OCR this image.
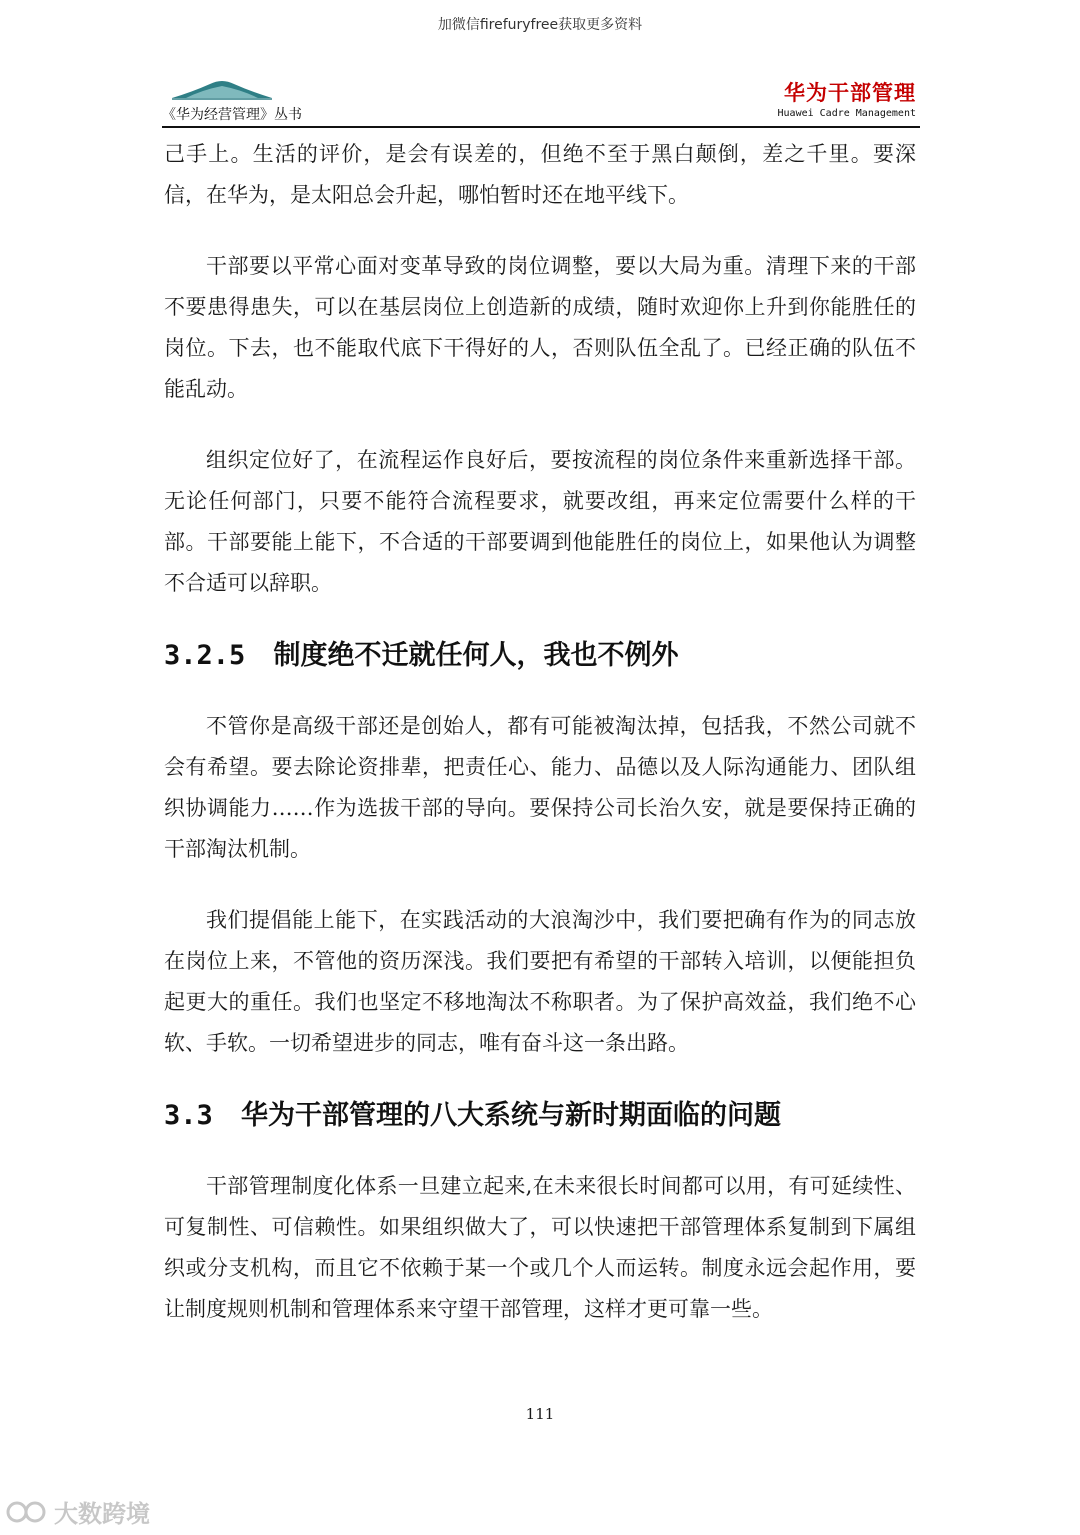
加微信firefuryfree获取更多资料
《华为经营管理》丛书
华为干部管理
Huawei Cadre Management

己手上。生活的评价，是会有误差的，但绝不至于黑白颠倒，差之千里。要深信，在华为，是太阳总会升起，哪怕暂时还在地平线下。

干部要以平常心面对变革导致的岗位调整，要以大局为重。清理下来的干部不要患得患失，可以在基层岗位上创造新的成绩，随时欢迎你上升到你能胜任的岗位。下去，也不能取代底下干得好的人，否则队伍全乱了。已经正确的队伍不能乱动。

组织定位好了，在流程运作良好后，要按流程的岗位条件来重新选择干部。无论任何部门，只要不能符合流程要求，就要改组，再来定位需要什么样的干部。干部要能上能下，不合适的干部要调到他能胜任的岗位上，如果他认为调整不合适可以辞职。

3.2.5 制度绝不迁就任何人，我也不例外

不管你是高级干部还是创始人，都有可能被淘汰掉，包括我，不然公司就不会有希望。要去除论资排辈，把责任心、能力、品德以及人际沟通能力、团队组织协调能力……作为选拔干部的导向。要保持公司长治久安，就是要保持正确的干部淘汰机制。

我们提倡能上能下，在实践活动的大浪淘沙中，我们要把确有作为的同志放在岗位上来，不管他的资历深浅。我们要把有希望的干部转入培训，以便能担负起更大的重任。我们也坚定不移地淘汰不称职者。为了保护高效益，我们绝不心软、手软。一切希望进步的同志，唯有奋斗这一条出路。

3.3 华为干部管理的八大系统与新时期面临的问题

干部管理制度化体系一旦建立起来,在未来很长时间都可以用，有可延续性、可复制性、可信赖性。如果组织做大了，可以快速把干部管理体系复制到下属组织或分支机构，而且它不依赖于某一个或几个人而运转。制度永远会起作用，要让制度规则机制和管理体系来守望干部管理，这样才更可靠一些。

111
大数跨境
